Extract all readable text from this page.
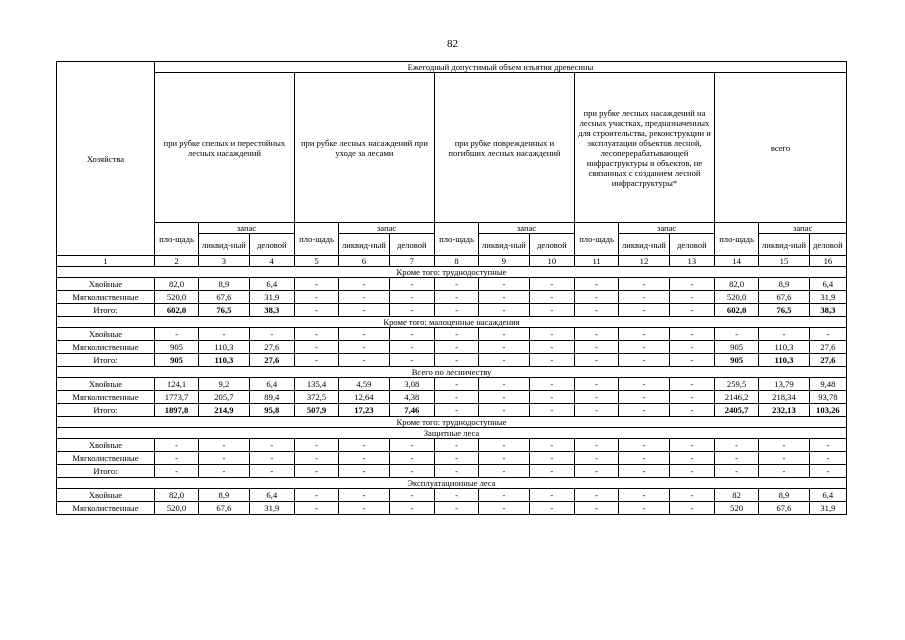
82
Хозяйства	Ежегодный допустимый объем изъятия древесины														
	при рубке спелых и перестойных лесных насаждений			при рубке лесных насаждений при уходе за лесами			при рубке поврежденных и погибших лесных насаждений			при рубке лесных насаждений на лесных участках, предназначенных для строительства, реконструкции и эксплуатации объектов лесной, лесоперерабатывающей инфраструктуры и объектов, не связанных с созданием лесной инфраструктуры*			всего		
	пло-щадь	запас		пло-щадь	запас		пло-щадь	запас		пло-щадь	запас		пло-щадь	запас	
		ликвид-ный	деловой		ликвид-ный	деловой		ликвид-ный	деловой		ликвид-ный	деловой		ликвид-ный	деловой
1	2	3	4	5	6	7	8	9	10	11	12	13	14	15	16
Кроме того: труднодоступные															
Хвойные	82,0	8,9	6,4	-	-	-	-	-	-	-	-	-	82,0	8,9	6,4
Мягколиственные	520,0	67,6	31,9	-	-	-	-	-	-	-	-	-	520,0	67,6	31,9
Итого:	602,0	76,5	38,3	-	-	-	-	-	-	-	-	-	602,0	76,5	38,3
Кроме того: малоценные насаждения															
Хвойные	-	-	-	-	-	-	-	-	-	-	-	-	-	-	-
Мягколиственные	905	110,3	27,6	-	-	-	-	-	-	-	-	-	905	110,3	27,6
Итого:	905	110,3	27,6	-	-	-	-	-	-	-	-	-	905	110,3	27,6
Всего по лесничеству															
Хвойные	124,1	9,2	6,4	135,4	4,59	3,08	-	-	-	-	-	-	259,5	13,79	9,48
Мягколиственные	1773,7	205,7	89,4	372,5	12,64	4,38	-	-	-	-	-	-	2146,2	218,34	93,78
Итого:	1897,8	214,9	95,8	507,9	17,23	7,46	-	-	-	-	-	-	2405,7	232,13	103,26
Кроме того: труднодоступные															
Защитные леса															
Хвойные	-	-	-	-	-	-	-	-	-	-	-	-	-	-	-
Мягколиственные	-	-	-	-	-	-	-	-	-	-	-	-	-	-	-
Итого:	-	-	-	-	-	-	-	-	-	-	-	-	-	-	-
Эксплуатационные леса															
Хвойные	82,0	8,9	6,4	-	-	-	-	-	-	-	-	-	82	8,9	6,4
Мягколиственные	520,0	67,6	31,9	-	-	-	-	-	-	-	-	-	520	67,6	31,9
